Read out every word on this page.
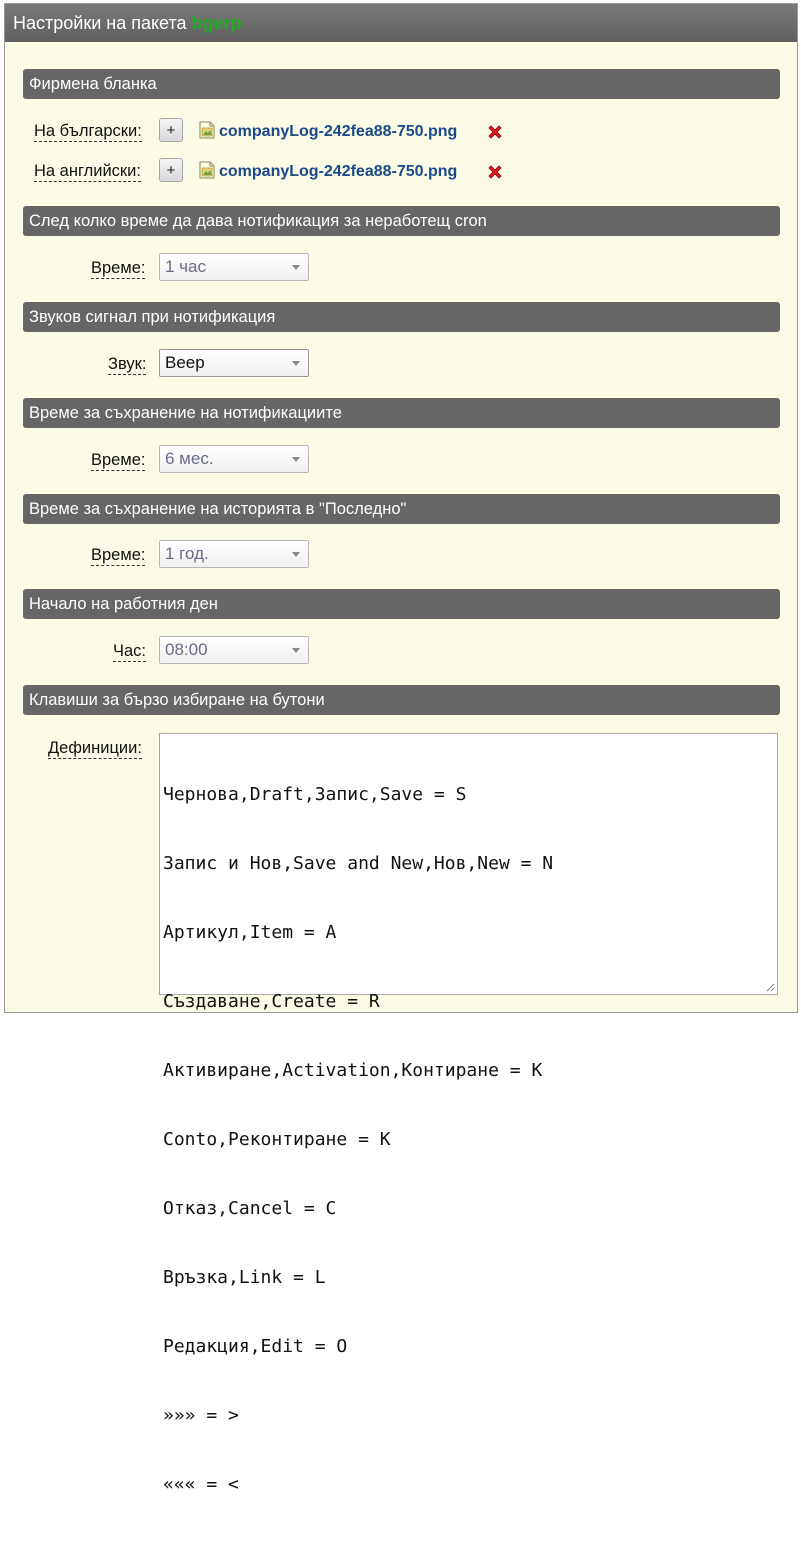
Настройки на пакета bgerp
Фирмена бланка
На български:	+	companyLog-242fea88-750.png
На английски:	+	companyLog-242fea88-750.png
След колко време да дава нотификация за неработещ cron
Време:	1 час
Звуков сигнал при нотификация
Звук:	Beep
Време за съхранение на нотификациите
Време:	6 мес.
Време за съхранение на историята в "Последно"
Време:	1 год.
Начало на работния ден
Час:	08:00
Клавиши за бързо избиране на бутони
Дефиниции:

Чернова,Draft,Запис,Save = S

Запис и Нов,Save and New,Нов,New = N

Артикул,Item = A

Създаване,Create = R

Активиране,Activation,Контиране = K

Conto,Реконтиране = K

Отказ,Cancel = C

Връзка,Link = L

Редакция,Edit = O

»»» = >

««« = <
